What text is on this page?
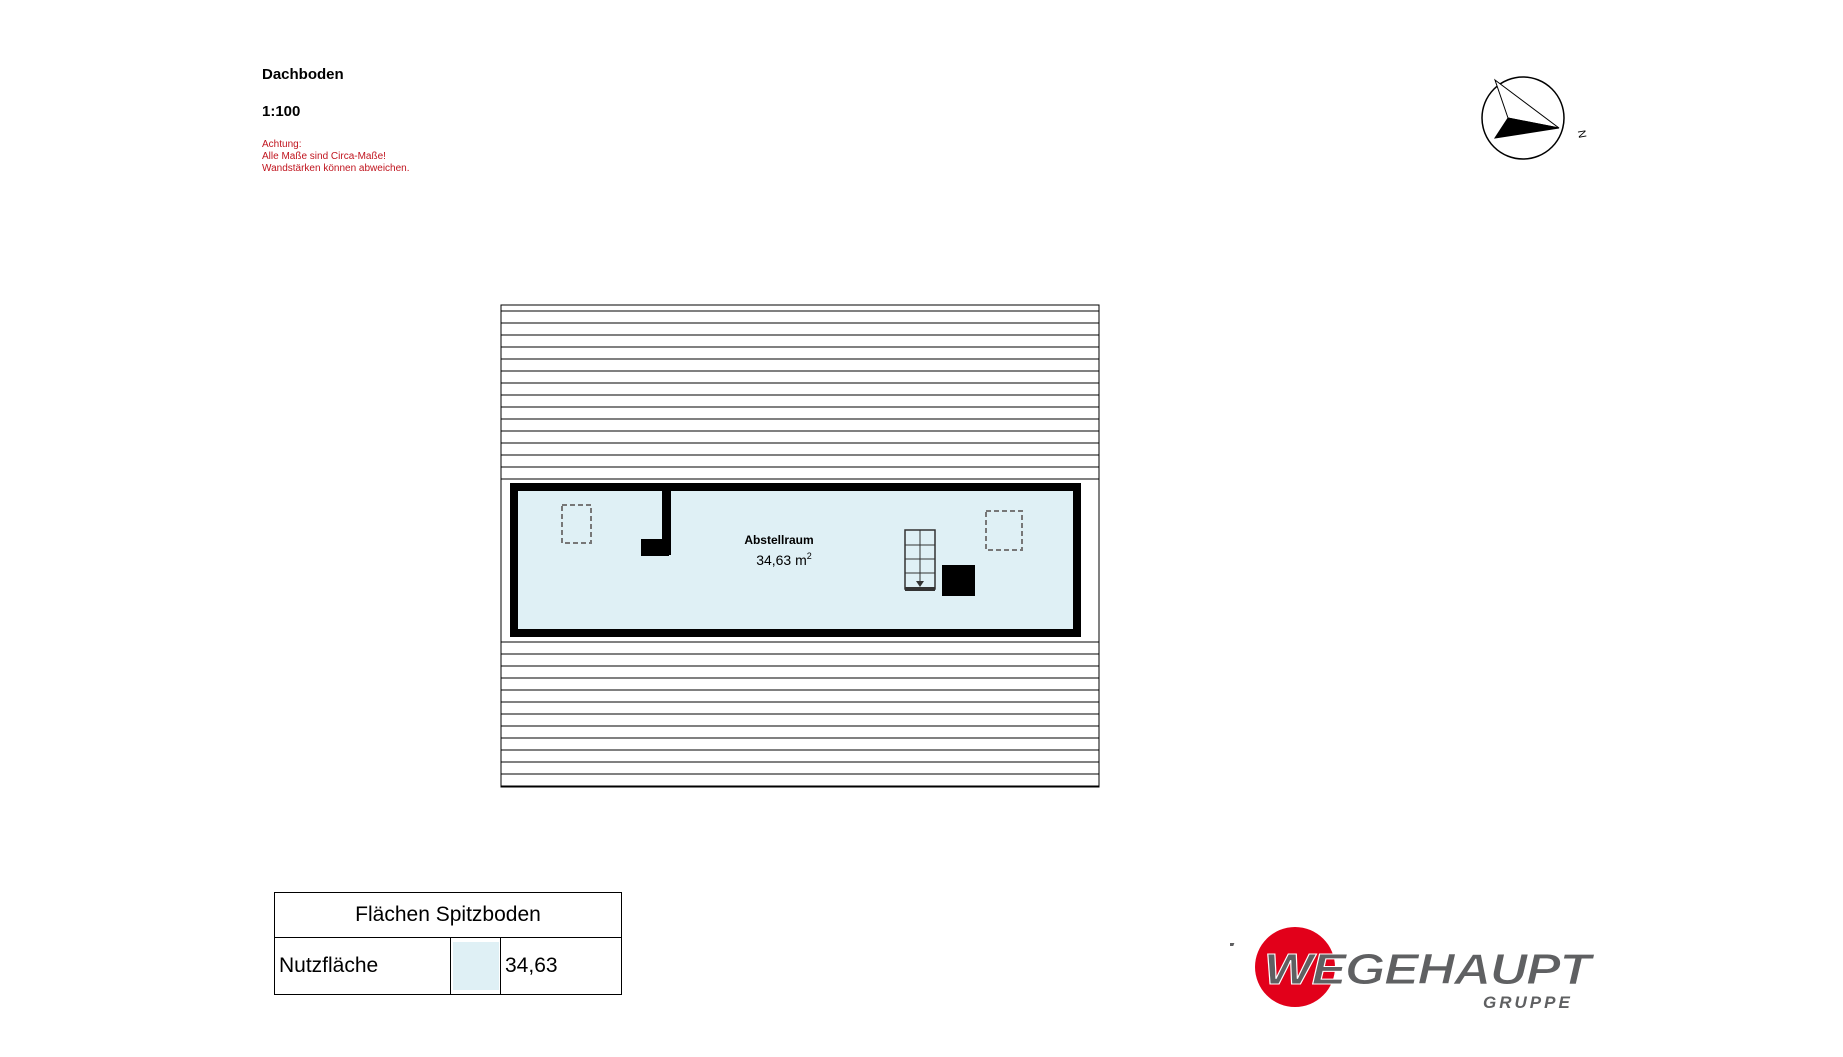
Dachboden
1:100
Achtung:
Alle Maße sind Circa-Maße!
Wandstärken können abweichen.
N
Abstellraum
34,63 $m^2$
Flächen Spitzboden
Nutzfläche	34,63	WEGEHAUPT
GRUPPE
